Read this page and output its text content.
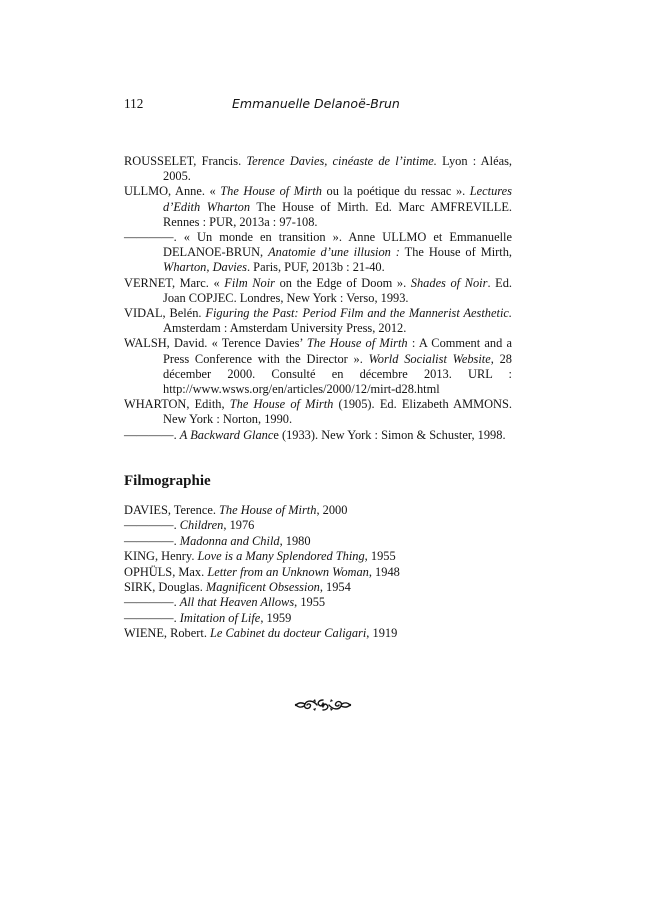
112	Emmanuelle Delanoë-Brun

ROUSSELET, Francis. Terence Davies, cinéaste de l’intime. Lyon : Aléas, 2005.

ULLMO, Anne. « The House of Mirth ou la poétique du ressac ». Lectures d’Edith Wharton The House of Mirth. Ed. Marc AMFREVILLE. Rennes : PUR, 2013a : 97-108.

————. « Un monde en transition ». Anne ULLMO et Emmanuelle DELANOE-BRUN, Anatomie d’une illusion : The House of Mirth, Wharton, Davies. Paris, PUF, 2013b : 21-40.

VERNET, Marc. « Film Noir on the Edge of Doom ». Shades of Noir. Ed. Joan COPJEC. Londres, New York : Verso, 1993.

VIDAL, Belén. Figuring the Past: Period Film and the Mannerist Aesthetic. Amsterdam : Amsterdam University Press, 2012.

WALSH, David. « Terence Davies’ The House of Mirth : A Comment and a Press Conference with the Director ». World Socialist Website, 28 décember 2000. Consulté en décembre 2013. URL : http://www.wsws.org/en/articles/2000/12/mirt-d28.html

WHARTON, Edith, The House of Mirth (1905). Ed. Elizabeth AMMONS. New York : Norton, 1990.

————. A Backward Glance (1933). New York : Simon & Schuster, 1998.

Filmographie

DAVIES, Terence. The House of Mirth, 2000

————. Children, 1976

————. Madonna and Child, 1980

KING, Henry. Love is a Many Splendored Thing, 1955

OPHÜLS, Max. Letter from an Unknown Woman, 1948

SIRK, Douglas. Magnificent Obsession, 1954

————. All that Heaven Allows, 1955

————. Imitation of Life, 1959

WIENE, Robert. Le Cabinet du docteur Caligari, 1919
